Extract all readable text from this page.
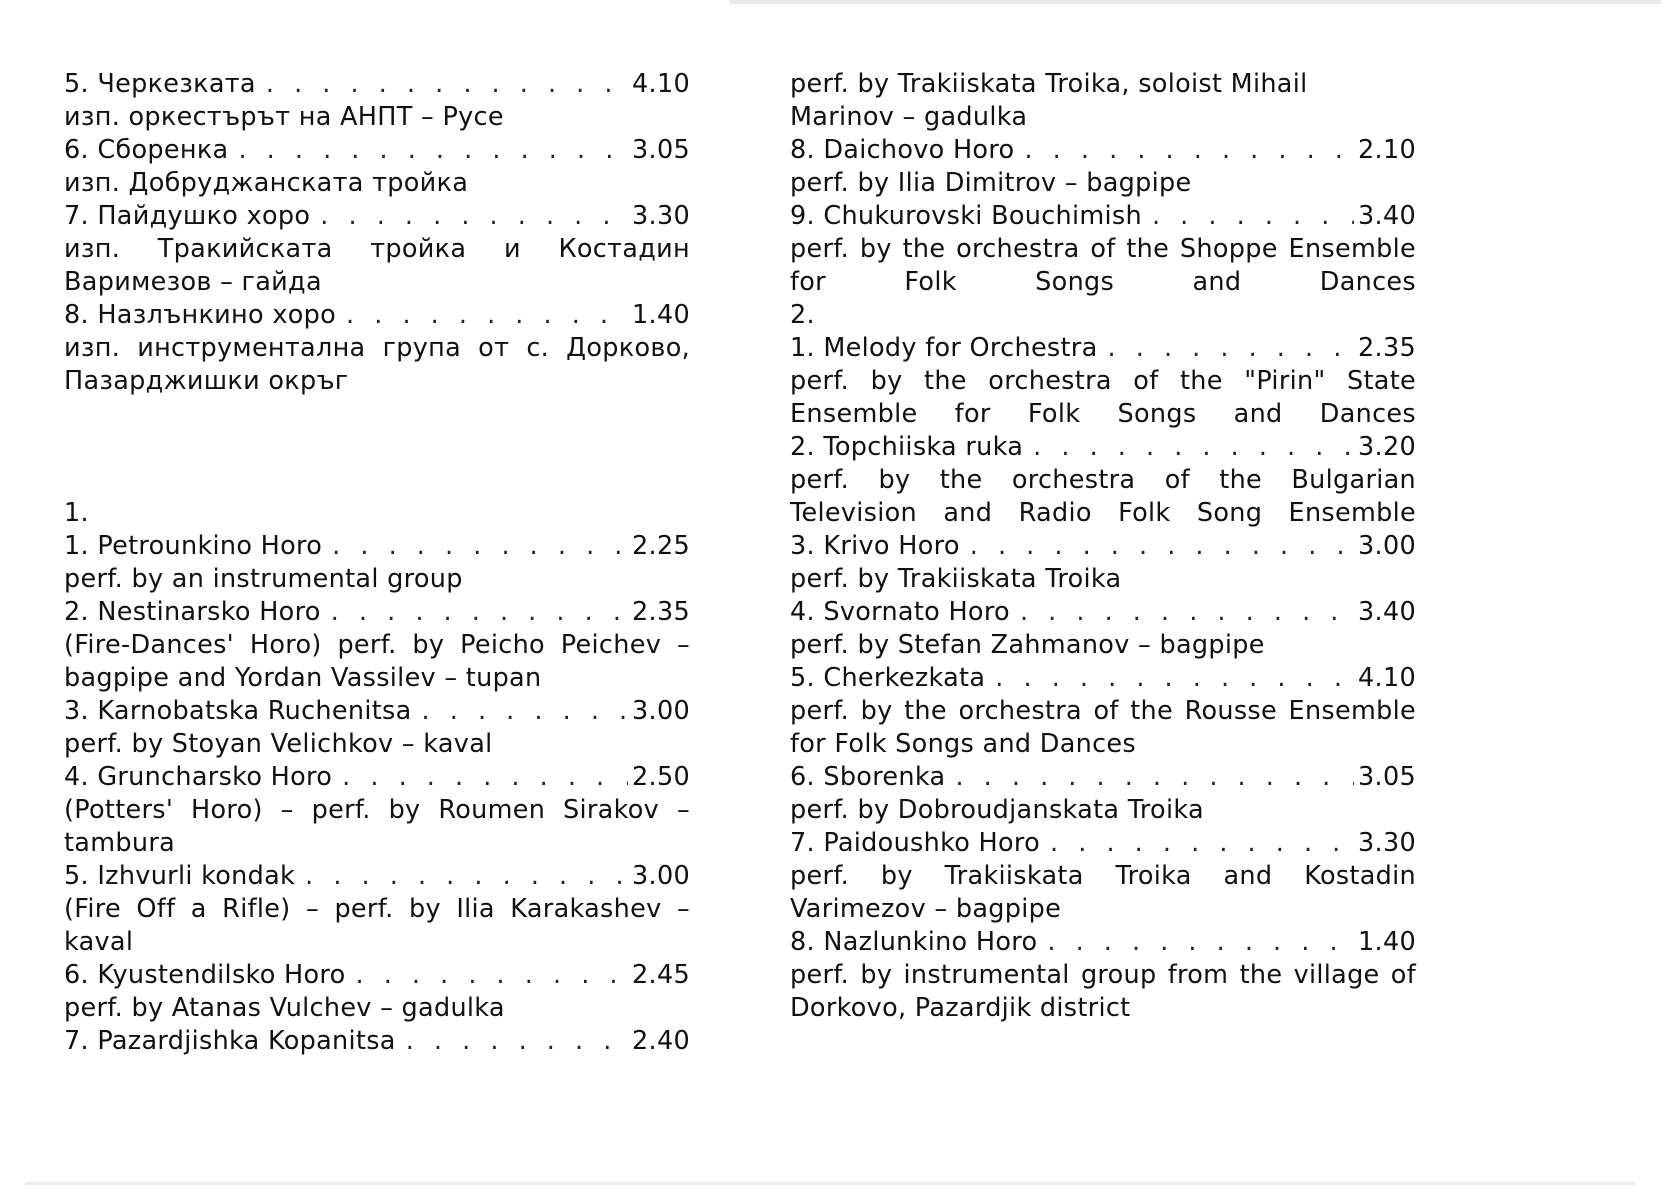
5. Черкезката . . .	4.10
изп. оркестърът на АНПТ – Русе
6. Сборенка . . .	3.05
изп. Добруджанската тройка
7. Пайдушко хоро . . .	3.30
изп. Тракийската тройка и Костадин Варимезов – гайда
8. Назлънкино хоро . . .	1.40
изп. инструментална група от с. Дорково, Пазарджишки окръг
1.
1. Petrounkino Horo . . .	2.25
perf. by an instrumental group
2. Nestinarsko Horo . . .	2.35
(Fire-Dances' Horo) perf. by Peicho Peichev – bagpipe and Yordan Vassilev – tupan
3. Karnobatska Ruchenitsa . . .	3.00
perf. by Stoyan Velichkov – kaval
4. Gruncharsko Horo . . .	2.50
(Potters' Horo) – perf. by Roumen Sirakov – tambura
5. Izhvurli kondak . . .	3.00
(Fire Off a Rifle) – perf. by Ilia Karakashev – kaval
6. Kyustendilsko Horo . . .	2.45
perf. by Atanas Vulchev – gadulka
7. Pazardjishka Kopanitsa . . .	2.40
perf. by Trakiiskata Troika, soloist Mihail
Marinov – gadulka
8. Daichovo Horo . . .	2.10
perf. by Ilia Dimitrov – bagpipe
9. Chukurovski Bouchimish . . .	3.40
perf. by the orchestra of the Shoppe Ensemble for Folk Songs and Dances
2.
1. Melody for Orchestra . . .	2.35
perf. by the orchestra of the "Pirin" State Ensemble for Folk Songs and Dances
2. Topchiiska ruka . . .	3.20
perf. by the orchestra of the Bulgarian Television and Radio Folk Song Ensemble
3. Krivo Horo . . .	3.00
perf. by Trakiiskata Troika
4. Svornato Horo . . .	3.40
perf. by Stefan Zahmanov – bagpipe
5. Cherkezkata . . .	4.10
perf. by the orchestra of the Rousse Ensemble for Folk Songs and Dances
6. Sborenka . . .	3.05
perf. by Dobroudjanskata Troika
7. Paidoushko Horo . . .	3.30
perf. by Trakiiskata Troika and Kostadin Varimezov – bagpipe
8. Nazlunkino Horo . . .	1.40
perf. by instrumental group from the village of Dorkovo, Pazardjik district
